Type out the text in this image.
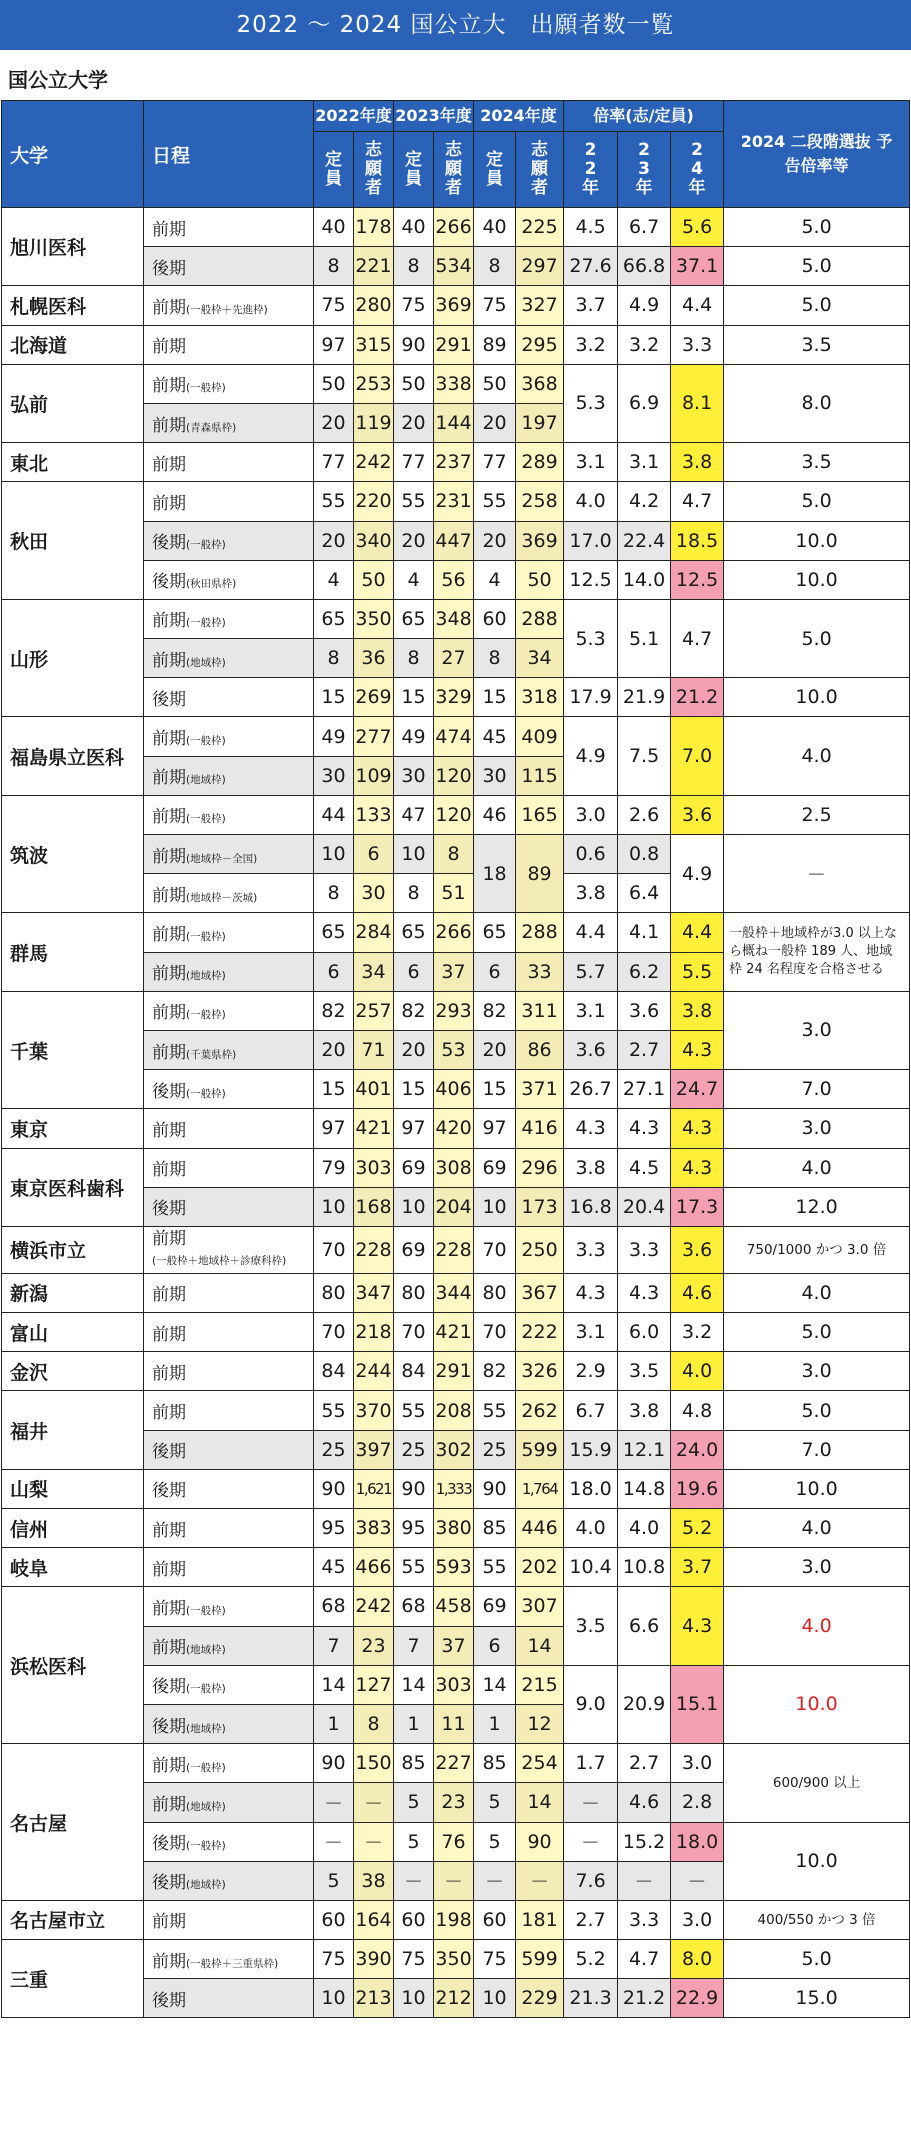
2022 〜 2024 国公立大　出願者数一覧
国公立大学
大学	日程	2022年度		2023年度		2024年度		倍率(志/定員)			2024 二段階選抜 予告倍率等

		定員	志願者	定員	志願者	定員	志願者	22年	23年	24年	

旭川医科	前期	40	178	40	266	40	225	4.5	6.7	5.6	5.0
	後期	8	221	8	534	8	297	27.6	66.8	37.1	5.0
札幌医科	前期(一般枠＋先進枠)	75	280	75	369	75	327	3.7	4.9	4.4	5.0
北海道	前期	97	315	90	291	89	295	3.2	3.2	3.3	3.5
弘前	前期(一般枠)	50	253	50	338	50	368	5.3	6.9	8.1	8.0
	前期(青森県枠)	20	119	20	144	20	197				
東北	前期	77	242	77	237	77	289	3.1	3.1	3.8	3.5
秋田	前期	55	220	55	231	55	258	4.0	4.2	4.7	5.0
	後期(一般枠)	20	340	20	447	20	369	17.0	22.4	18.5	10.0
	後期(秋田県枠)	4	50	4	56	4	50	12.5	14.0	12.5	10.0
山形	前期(一般枠)	65	350	65	348	60	288	5.3	5.1	4.7	5.0
	前期(地域枠)	8	36	8	27	8	34				
	後期	15	269	15	329	15	318	17.9	21.9	21.2	10.0
福島県立医科	前期(一般枠)	49	277	49	474	45	409	4.9	7.5	7.0	4.0
	前期(地域枠)	30	109	30	120	30	115				
筑波	前期(一般枠)	44	133	47	120	46	165	3.0	2.6	3.6	2.5
	前期(地域枠－全国)	10	6	10	8	18	89	0.6	0.8	4.9	－
	前期(地域枠－茨城)	8	30	8	51			3.8	6.4		
群馬	前期(一般枠)	65	284	65	266	65	288	4.4	4.1	4.4	一般枠＋地域枠が3.0 以上なら概ね一般枠 189 人、地域枠 24 名程度を合格させる
	前期(地域枠)	6	34	6	37	6	33	5.7	6.2	5.5	
千葉	前期(一般枠)	82	257	82	293	82	311	3.1	3.6	3.8	3.0
	前期(千葉県枠)	20	71	20	53	20	86	3.6	2.7	4.3	
	後期(一般枠)	15	401	15	406	15	371	26.7	27.1	24.7	7.0
東京	前期	97	421	97	420	97	416	4.3	4.3	4.3	3.0
東京医科歯科	前期	79	303	69	308	69	296	3.8	4.5	4.3	4.0
	後期	10	168	10	204	10	173	16.8	20.4	17.3	12.0
横浜市立	前期
(一般枠＋地域枠＋診療科枠)	70	228	69	228	70	250	3.3	3.3	3.6	750/1000 かつ 3.0 倍
新潟	前期	80	347	80	344	80	367	4.3	4.3	4.6	4.0
富山	前期	70	218	70	421	70	222	3.1	6.0	3.2	5.0
金沢	前期	84	244	84	291	82	326	2.9	3.5	4.0	3.0
福井	前期	55	370	55	208	55	262	6.7	3.8	4.8	5.0
	後期	25	397	25	302	25	599	15.9	12.1	24.0	7.0
山梨	後期	90	1,621	90	1,333	90	1,764	18.0	14.8	19.6	10.0
信州	前期	95	383	95	380	85	446	4.0	4.0	5.2	4.0
岐阜	前期	45	466	55	593	55	202	10.4	10.8	3.7	3.0
浜松医科	前期(一般枠)	68	242	68	458	69	307	3.5	6.6	4.3	4.0
	前期(地域枠)	7	23	7	37	6	14				
	後期(一般枠)	14	127	14	303	14	215	9.0	20.9	15.1	10.0
	後期(地域枠)	1	8	1	11	1	12				
名古屋	前期(一般枠)	90	150	85	227	85	254	1.7	2.7	3.0	600/900 以上
	前期(地域枠)	－	－	5	23	5	14	－	4.6	2.8	
	後期(一般枠)	－	－	5	76	5	90	－	15.2	18.0	10.0
	後期(地域枠)	5	38	－	－	－	－	7.6	－	－	
名古屋市立	前期	60	164	60	198	60	181	2.7	3.3	3.0	400/550 かつ 3 倍
三重	前期(一般枠＋三重県枠)	75	390	75	350	75	599	5.2	4.7	8.0	5.0
	後期	10	213	10	212	10	229	21.3	21.2	22.9	15.0
